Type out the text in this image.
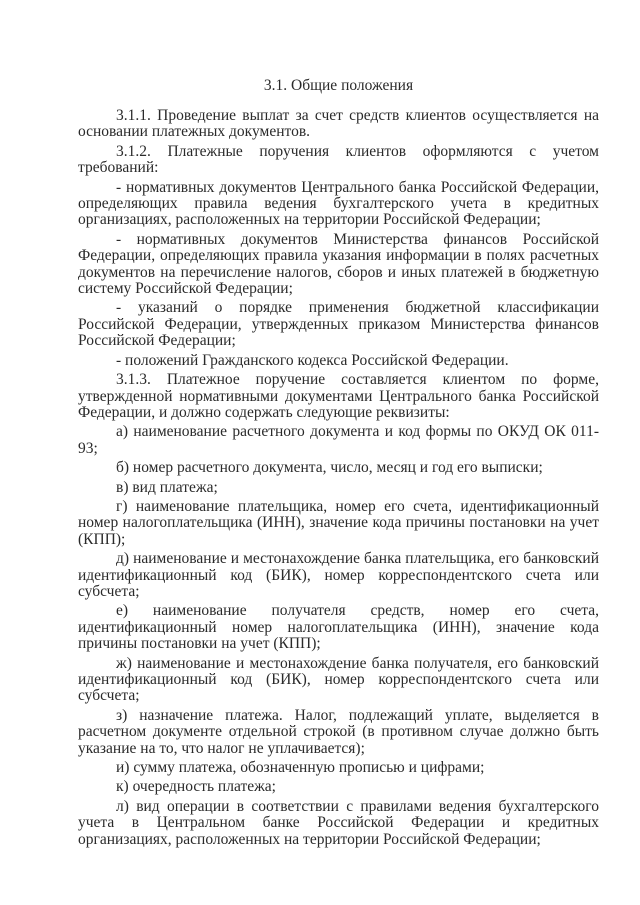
3.1. Общие положения

3.1.1. Проведение выплат за счет средств клиентов осуществляется на основании платежных документов.

3.1.2. Платежные поручения клиентов оформляются с учетом требований:

- нормативных документов Центрального банка Российской Федерации, определяющих правила ведения бухгалтерского учета в кредитных организациях, расположенных на территории Российской Федерации;

- нормативных документов Министерства финансов Российской Федерации, определяющих правила указания информации в полях расчетных документов на перечисление налогов, сборов и иных платежей в бюджетную систему Российской Федерации;

- указаний о порядке применения бюджетной классификации Российской Федерации, утвержденных приказом Министерства финансов Российской Федерации;

- положений Гражданского кодекса Российской Федерации.

3.1.3. Платежное поручение составляется клиентом по форме, утвержденной нормативными документами Центрального банка Российской Федерации, и должно содержать следующие реквизиты:

а) наименование расчетного документа и код формы по ОКУД ОК 011-93;

б) номер расчетного документа, число, месяц и год его выписки;

в) вид платежа;

г) наименование плательщика, номер его счета, идентификационный номер налогоплательщика (ИНН), значение кода причины постановки на учет (КПП);

д) наименование и местонахождение банка плательщика, его банковский идентификационный код (БИК), номер корреспондентского счета или субсчета;

е) наименование получателя средств, номер его счета, идентификационный номер налогоплательщика (ИНН), значение кода причины постановки на учет (КПП);

ж) наименование и местонахождение банка получателя, его банковский идентификационный код (БИК), номер корреспондентского счета или субсчета;

з) назначение платежа. Налог, подлежащий уплате, выделяется в расчетном документе отдельной строкой (в противном случае должно быть указание на то, что налог не уплачивается);

и) сумму платежа, обозначенную прописью и цифрами;

к) очередность платежа;

л) вид операции в соответствии с правилами ведения бухгалтерского учета в Центральном банке Российской Федерации и кредитных организациях, расположенных на территории Российской Федерации;
